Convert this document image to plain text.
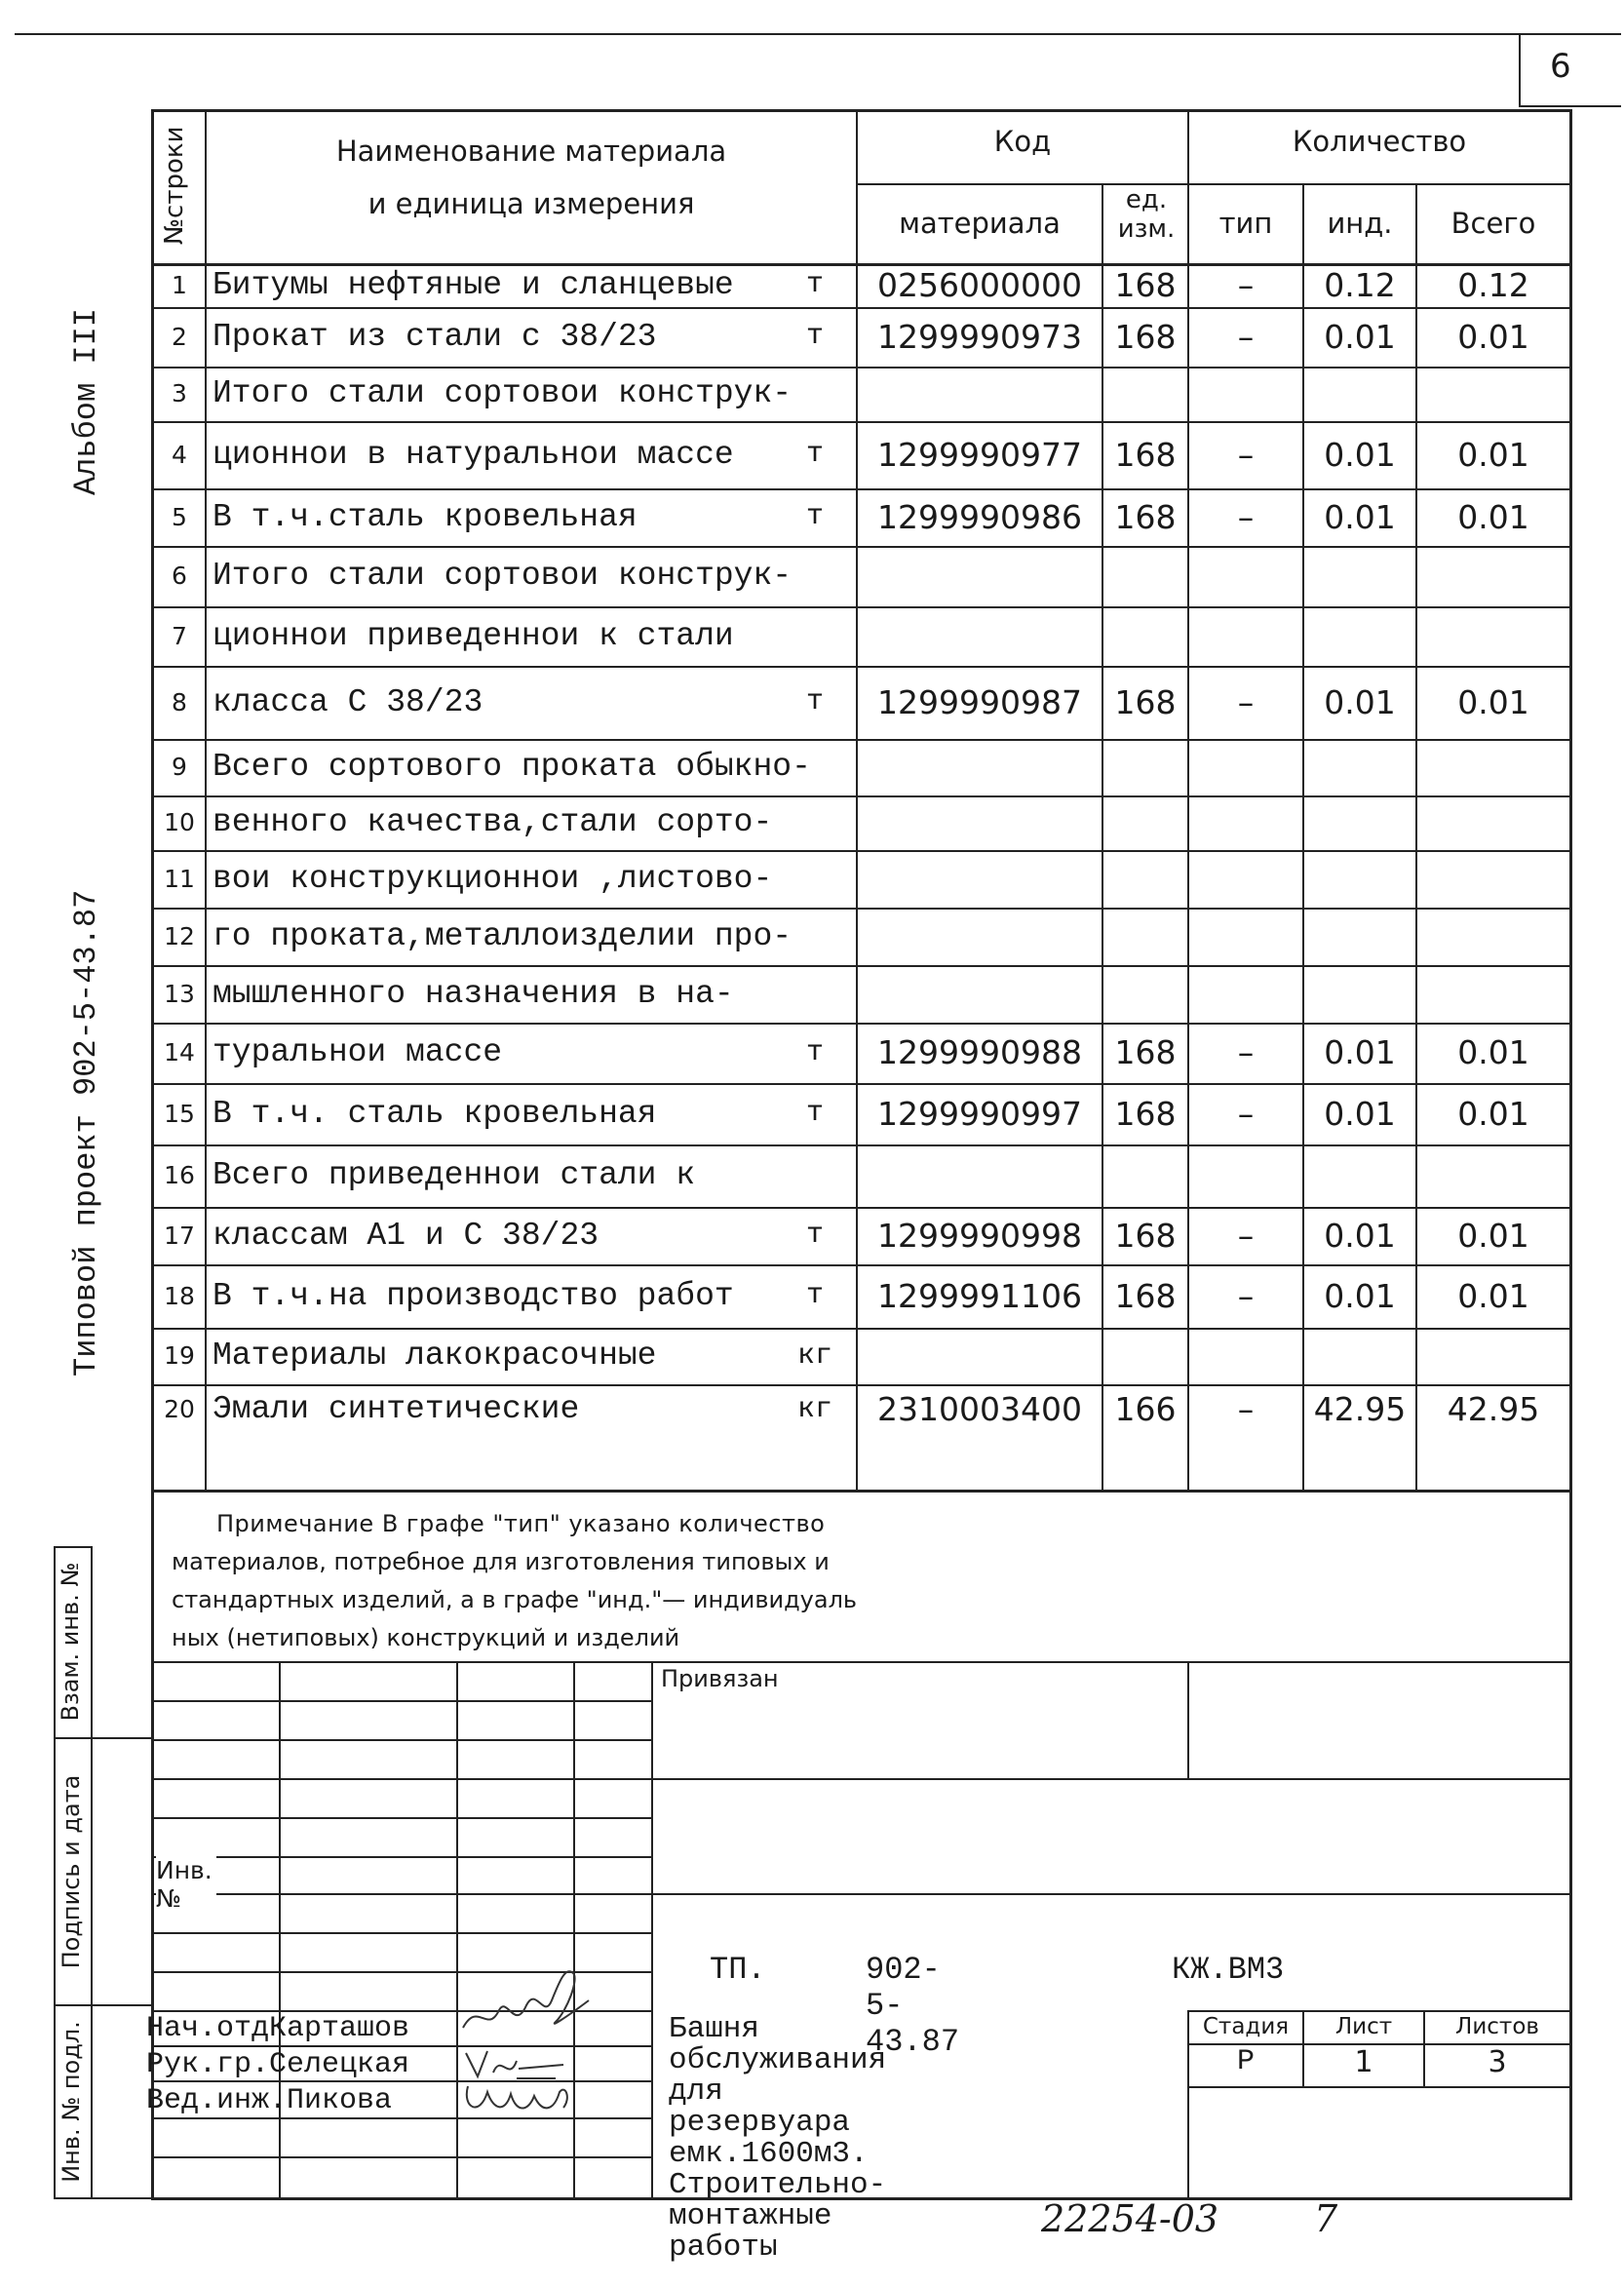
6
Альбом III
Типовой проект 902-5-43.87
№строки	Наименование материала
и единица измерения
Код
материала
ед. изм.
Количество
тип	инд.	Всего
1 Битумы нефтяные и сланцевые	т	0256000000	168	–	0.12	0.12
2 Прокат из стали с 38/23	т	1299990973	168	–	0.01	0.01
3 Итого стали сортовои конструк-
4 ционнои в натуральнои массе	т	1299990977	168	–	0.01	0.01
5 В т.ч.сталь кровельная	т	1299990986	168	–	0.01	0.01
6 Итого стали сортовои конструк-
7 ционнои приведеннои к стали
8 класса С 38/23	т	1299990987	168	–	0.01	0.01
9 Всего сортового проката обыкно-
10 венного качества,стали сорто-
11 вои конструкционнои ,листово-
12 го проката,металлоизделии про-
13 мышленного назначения в на-
14 туральнои массе	т	1299990988	168	–	0.01	0.01
15 В т.ч. сталь кровельная	т	1299990997	168	–	0.01	0.01
16 Всего приведеннои стали к
17 классам А1 и С 38/23	т	1299990998	168	–	0.01	0.01
18 В т.ч.на производство работ	т	1299991106	168	–	0.01	0.01
19 Материалы лакокрасочные	кг
20 Эмали синтетические	кг	2310003400	166	–	42.95	42.95
Примечание В графе "тип" указано количество
материалов, потребное для изготовления типовых и
стандартных изделий, а в графе "инд."— индивидуаль
ных (нетиповых) конструкций и изделий
Взам. инв. №
Подпись и дата
Инв. № подл.
Привязан
Инв. №
ТП.	902-5-43.87
КЖ.ВМ3
Башня обслуживания для
резервуара емк.1600м3.
Строительно-монтажные
работы
Стадия	Лист	Листов
Р	1	3
Нач.отдКарташов
Рук.гр.Селецкая
Вед.инж.Пикова
22254-03	7
